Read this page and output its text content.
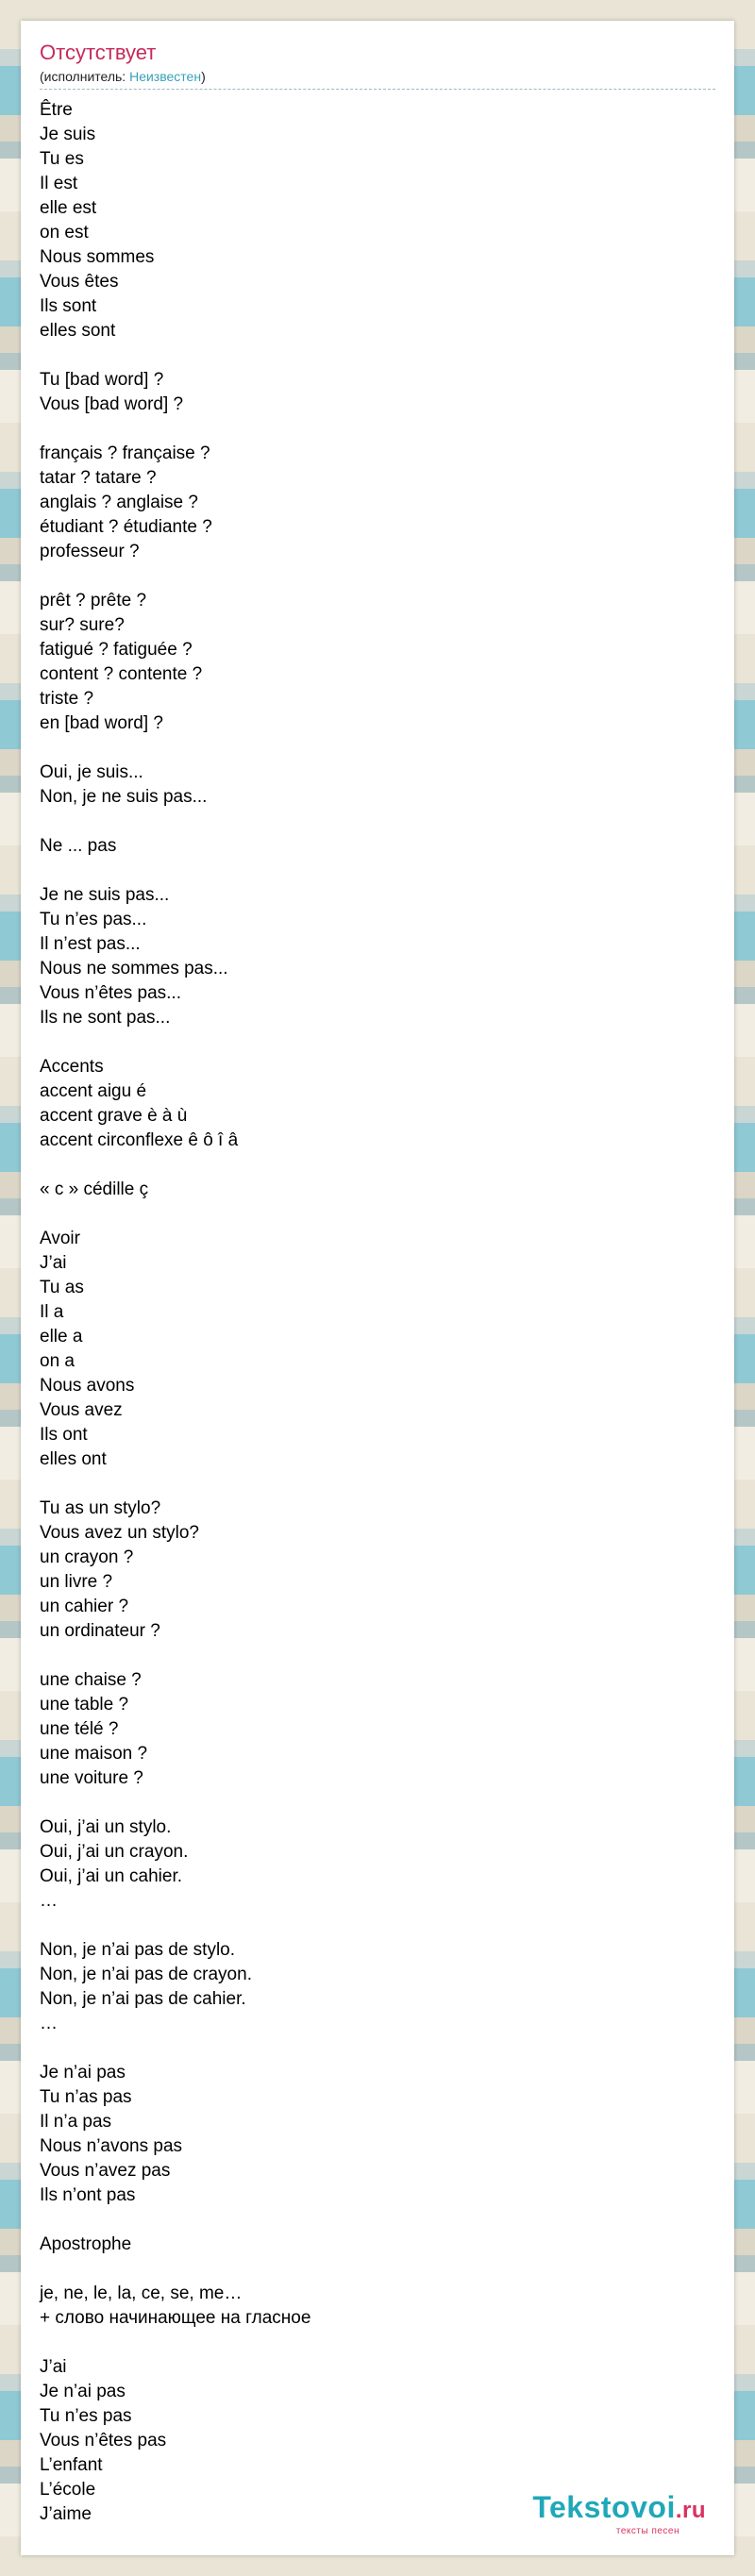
Отсутствует
(исполнитель: Неизвестен)
Être
Je suis
Tu es
Il est
elle est
on est
Nous sommes
Vous êtes
Ils sont
elles sont

Tu [bad word] ?
Vous [bad word] ?

français ? française ?
tatar ? tatare ?
anglais ? anglaise ?
étudiant ? étudiante ?
professeur ?

prêt ? prête ?
sur? sure?
fatigué ? fatiguée ?
content ? contente ?
triste ?
en [bad word] ?

Oui, je suis...
Non, je ne suis pas...

Ne ... pas

Je ne suis pas...
Tu n’es pas...
Il n’est pas...
Nous ne sommes pas...
Vous n’êtes pas...
Ils ne sont pas...

Accents
accent aigu é
accent grave è à ù
accent circonflexe ê ô î â

« c » cédille ç

Avoir
J’ai
Tu as
Il a
elle a
on a
Nous avons
Vous avez
Ils ont
elles ont

Tu as un stylo?
Vous avez un stylo?
un crayon ?
un livre ?
un cahier ?
un ordinateur ?

une chaise ?
une table ?
une télé ?
une maison ?
une voiture ?

Oui, j’ai un stylo.
Oui, j’ai un crayon.
Oui, j’ai un cahier.
…

Non, je n’ai pas de stylo.
Non, je n’ai pas de crayon.
Non, je n’ai pas de cahier.
…

Je n’ai pas
Tu n’as pas
Il n’a pas
Nous n’avons pas
Vous n’avez pas
Ils n’ont pas

Apostrophe

je, ne, le, la, ce, se, me…
+ слово начинающее на гласное

J’ai
Je n’ai pas
Tu n’es pas
Vous n’êtes pas
L’enfant
L’école
J’aime	Tekstovoi.ru
тексты песен
